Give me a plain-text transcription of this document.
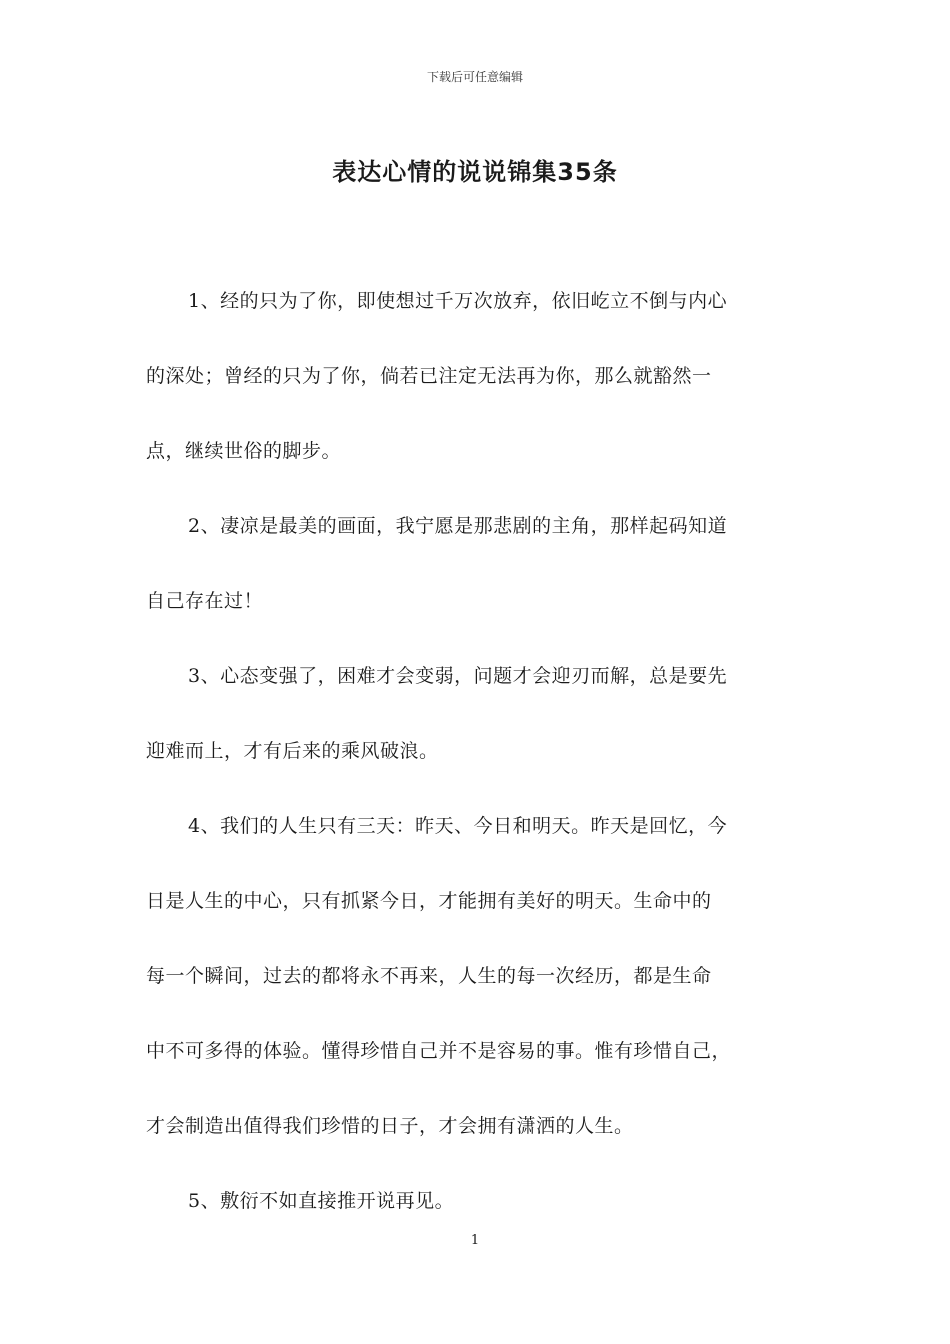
下载后可任意编辑
表达心情的说说锦集35条
1、经的只为了你，即使想过千万次放弃，依旧屹立不倒与内心
的深处；曾经的只为了你，倘若已注定无法再为你，那么就豁然一
点，继续世俗的脚步。
2、凄凉是最美的画面，我宁愿是那悲剧的主角，那样起码知道
自己存在过！
3、心态变强了，困难才会变弱，问题才会迎刃而解，总是要先
迎难而上，才有后来的乘风破浪。
4、我们的人生只有三天：昨天、今日和明天。昨天是回忆，今
日是人生的中心，只有抓紧今日，才能拥有美好的明天。生命中的
每一个瞬间，过去的都将永不再来，人生的每一次经历，都是生命
中不可多得的体验。懂得珍惜自己并不是容易的事。惟有珍惜自己，
才会制造出值得我们珍惜的日子，才会拥有潇洒的人生。
5、敷衍不如直接推开说再见。
1
